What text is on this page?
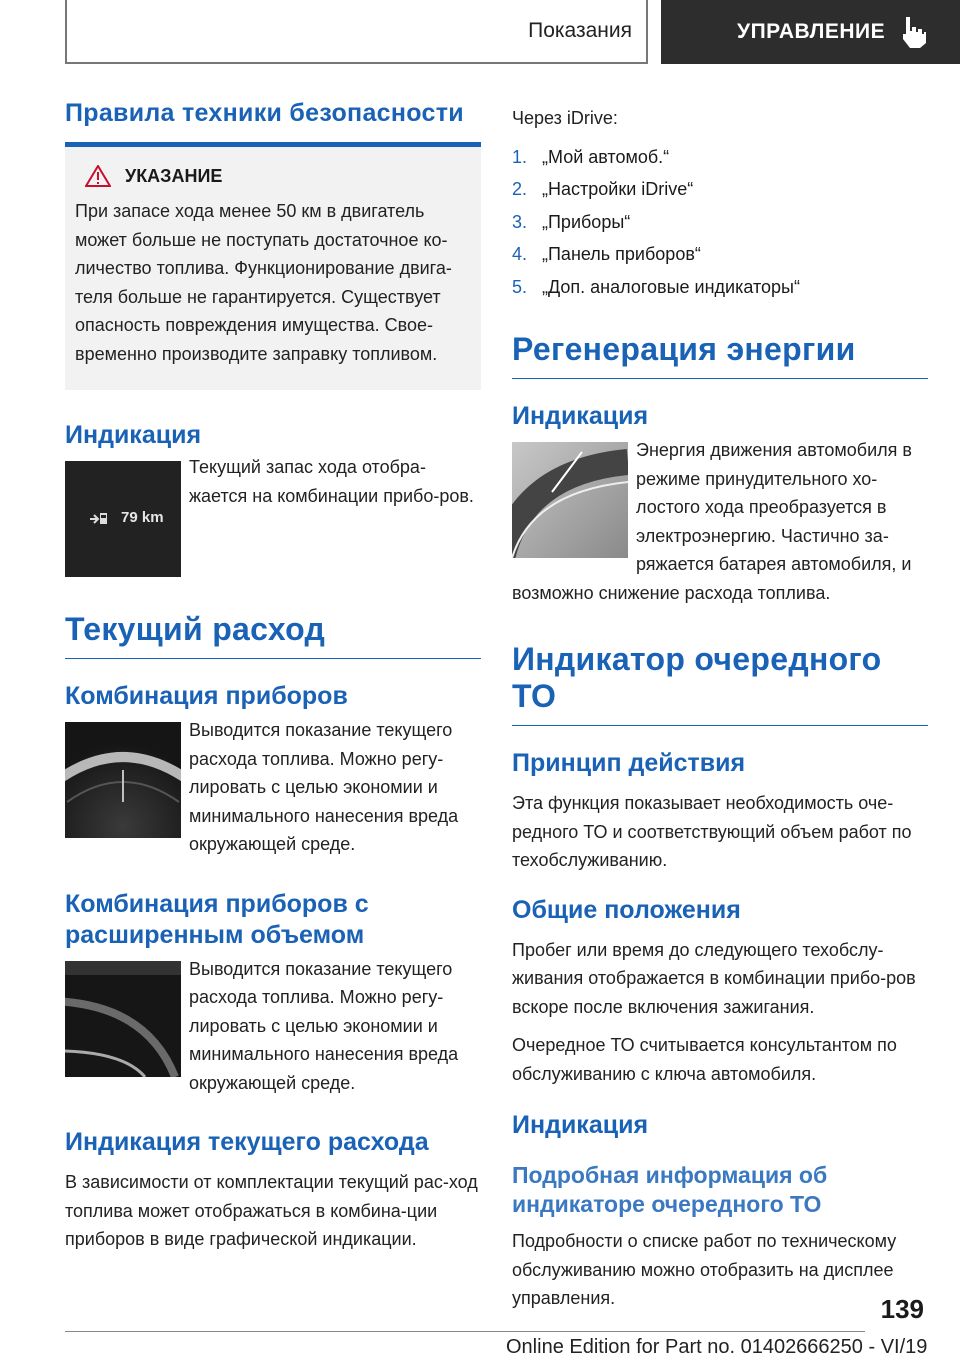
Показания	УПРАВЛЕНИЕ
Правила техники безопасности
УКАЗАНИЕ

При запасе хода менее 50 км в двигатель может больше не поступать достаточное ко-личество топлива. Функционирование двига-теля больше не гарантируется. Существует опасность повреждения имущества. Свое-временно производите заправку топливом.

Индикация
79 km

Текущий запас хода отобра-жается на комбинации прибо-ров.

Текущий расход
Комбинация приборов

Выводится показание текущего расхода топлива. Можно регу-лировать с целью экономии и минимального нанесения вреда окружающей среде.

Комбинация приборов с расширенным объемом

Выводится показание текущего расхода топлива. Можно регу-лировать с целью экономии и минимального нанесения вреда окружающей среде.

Индикация текущего расхода

В зависимости от комплектации текущий рас-ход топлива может отображаться в комбина-ции приборов в виде графической индикации.

Через iDrive:

1. „Мой автомоб.“
2. „Настройки iDrive“
3. „Приборы“
4. „Панель приборов“
5. „Доп. аналоговые индикаторы“
Регенерация энергии
Индикация

Энергия движения автомобиля в режиме принудительного хо-лостого хода преобразуется в электроэнергию. Частично за-ряжается батарея автомобиля, и

возможно снижение расхода топлива.

Индикатор очередного ТО
Принцип действия

Эта функция показывает необходимость оче-редного ТО и соответствующий объем работ по техобслуживанию.

Общие положения

Пробег или время до следующего техобслу-живания отображается в комбинации прибо-ров вскоре после включения зажигания.

Очередное ТО считывается консультантом по обслуживанию с ключа автомобиля.

Индикация
Подробная информация об индикаторе очередного ТО

Подробности о списке работ по техническому обслуживанию можно отобразить на дисплее управления.	139
Online Edition for Part no. 01402666250 - VI/19
